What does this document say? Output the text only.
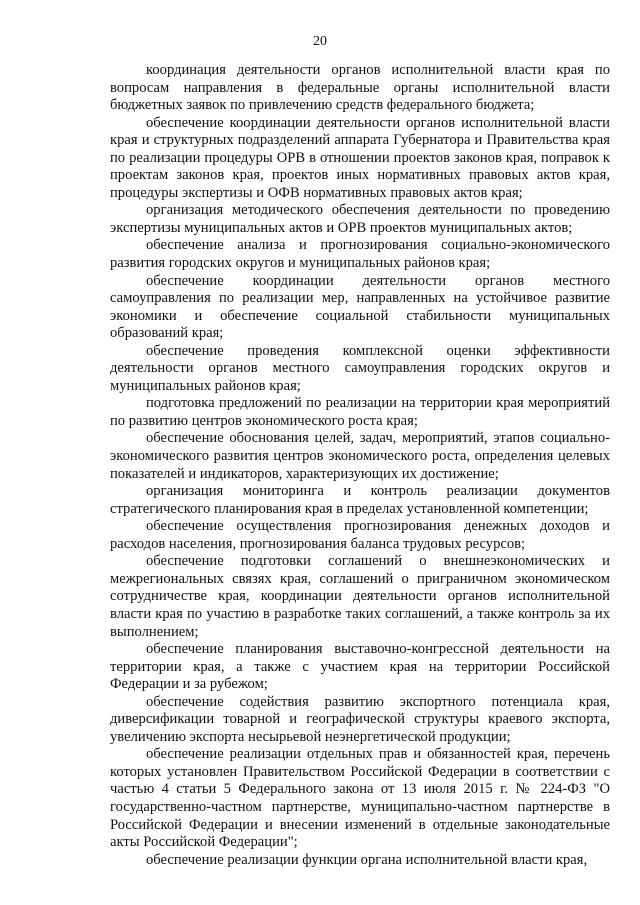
20

координация деятельности органов исполнительной власти края по вопросам направления в федеральные органы исполнительной власти бюджетных заявок по привлечению средств федерального бюджета;

обеспечение координации деятельности органов исполнительной власти края и структурных подразделений аппарата Губернатора и Правительства края по реализации процедуры ОРВ в отношении проектов законов края, поправок к проектам законов края, проектов иных нормативных правовых актов края, процедуры экспертизы и ОФВ нормативных правовых актов края;

организация методического обеспечения деятельности по проведению экспертизы муниципальных актов и ОРВ проектов муниципальных актов;

обеспечение анализа и прогнозирования социально-экономического развития городских округов и муниципальных районов края;

обеспечение координации деятельности органов местного самоуправления по реализации мер, направленных на устойчивое развитие экономики и обеспечение социальной стабильности муниципальных образований края;

обеспечение проведения комплексной оценки эффективности деятельности органов местного самоуправления городских округов и муниципальных районов края;

подготовка предложений по реализации на территории края мероприятий по развитию центров экономического роста края;

обеспечение обоснования целей, задач, мероприятий, этапов социально-экономического развития центров экономического роста, определения целевых показателей и индикаторов, характеризующих их достижение;

организация мониторинга и контроль реализации документов стратегического планирования края в пределах установленной компетенции;

обеспечение осуществления прогнозирования денежных доходов и расходов населения, прогнозирования баланса трудовых ресурсов;

обеспечение подготовки соглашений о внешнеэкономических и межрегиональных связях края, соглашений о приграничном экономическом сотрудничестве края, координации деятельности органов исполнительной власти края по участию в разработке таких соглашений, а также контроль за их выполнением;

обеспечение планирования выставочно-конгрессной деятельности на территории края, а также с участием края на территории Российской Федерации и за рубежом;

обеспечение содействия развитию экспортного потенциала края, диверсификации товарной и географической структуры краевого экспорта, увеличению экспорта несырьевой неэнергетической продукции;

обеспечение реализации отдельных прав и обязанностей края, перечень которых установлен Правительством Российской Федерации в соответствии с частью 4 статьи 5 Федерального закона от 13 июля 2015 г. № 224-ФЗ "О государственно-частном партнерстве, муниципально-частном партнерстве в Российской Федерации и внесении изменений в отдельные законодательные акты Российской Федерации";

обеспечение реализации функции органа исполнительной власти края,
